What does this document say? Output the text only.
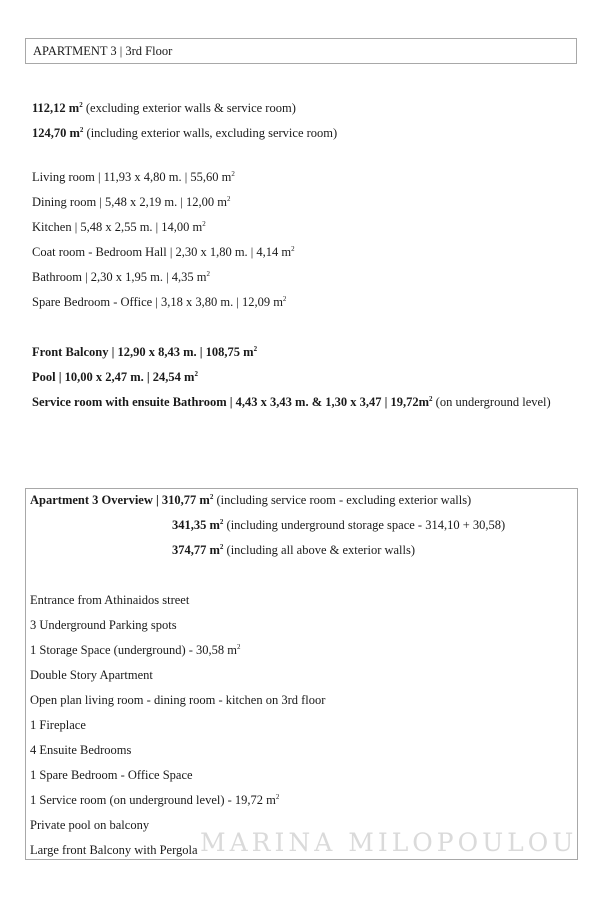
APARTMENT 3 | 3rd Floor
112,12 $m^2$ (excluding exterior walls & service room)
124,70 $m^2$ (including exterior walls, excluding service room)
Living room | 11,93 x 4,80 m. | 55,60 $m^2$
Dining room | 5,48 x 2,19 m. | 12,00 $m^2$
Kitchen | 5,48 x 2,55 m. | 14,00 $m^2$
Coat room - Bedroom Hall | 2,30 x 1,80 m. | 4,14 $m^2$
Bathroom | 2,30 x 1,95 m. | 4,35 $m^2$
Spare Bedroom - Office | 3,18 x 3,80 m. | 12,09 $m^2$
Front Balcony | 12,90 x 8,43 m. | 108,75 $m^2$
Pool | 10,00 x 2,47 m. | 24,54 $m^2$
Service room with ensuite Bathroom | 4,43 x 3,43 m. & 1,30 x 3,47 | $19,72m^2$ (on underground level)
Apartment 3 Overview | 310,77 $m^2$ (including service room - excluding exterior walls)
341,35 $m^2$ (including underground storage space - 314,10 + 30,58)
374,77 $m^2$ (including all above & exterior walls)
Entrance from Athinaidos street
3 Underground Parking spots
1 Storage Space (underground) - 30,58 $m^2$
Double Story Apartment
Open plan living room - dining room - kitchen on 3rd floor
1 Fireplace
4 Ensuite Bedrooms
1 Spare Bedroom - Office Space
1 Service room (on underground level) - 19,72 $m^2$
Private pool on balcony
Large front Balcony with Pergola MARINA MILOPOULOU
